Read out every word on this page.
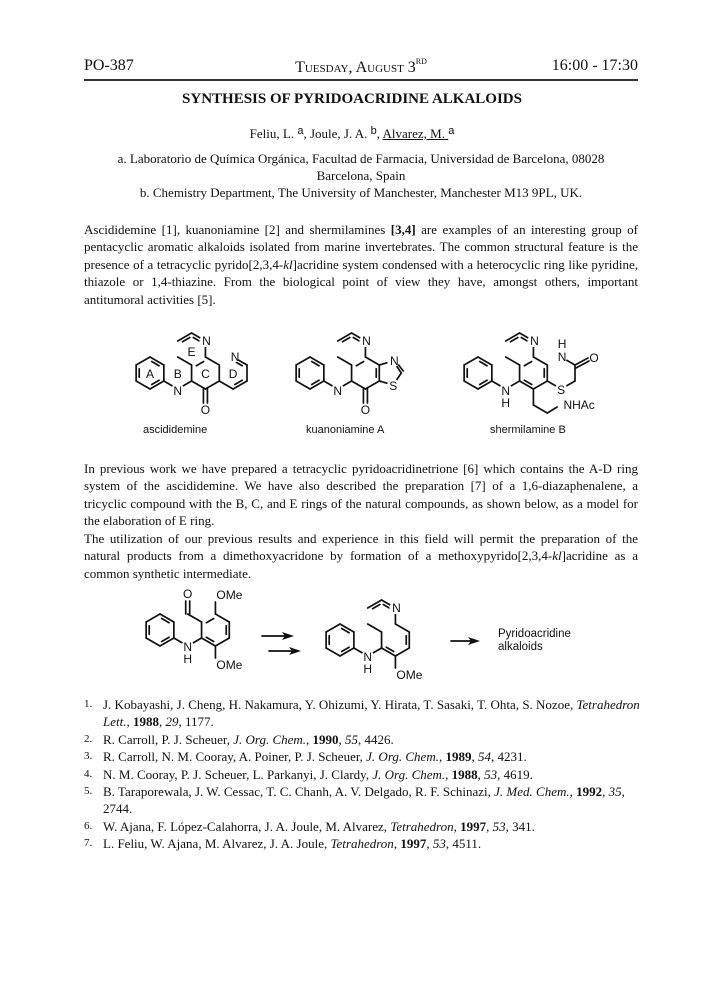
PO-387	Tuesday, August 3RD	16:00 - 17:30
SYNTHESIS OF PYRIDOACRIDINE ALKALOIDS
Feliu, L. $^a$, Joule, J. A. $^b$, Alvarez, M. $^a$
a. Laboratorio de Química Orgánica, Facultad de Farmacia, Universidad de Barcelona, 08028
Barcelona, Spain
b. Chemistry Department, The University of Manchester, Manchester M13 9PL, UK.
Ascididemine [1], kuanoniamine [2] and shermilamines [3,4] are examples of an interesting group of pentacyclic aromatic alkaloids isolated from marine invertebrates. The common structural feature is the presence of a tetracyclic pyrido[2,3,4-kl]acridine system condensed with a heterocyclic ring like pyridine, thiazole or 1,4-thiazine. From the biological point of view they have, amongst others, important antitumoral activities [5].
N
N
N
O
A B C D
E
N
N
O
N
S
N
N
H
N
H
S
O
NHAc
N
H
O OMe
OMe
N
N
H OMe
ascididemine	kuanoniamine A	shermilamine B
In previous work we have prepared a tetracyclic pyridoacridinetrione [6] which contains the A-D ring system of the ascididemine. We have also described the preparation [7] of a 1,6-diazaphenalene, a tricyclic compound with the B, C, and E rings of the natural compounds, as shown below, as a model for the elaboration of E ring.
The utilization of our previous results and experience in this field will permit the preparation of the natural products from a dimethoxyacridone by formation of a methoxypyrido[2,3,4-kl]acridine as a common synthetic intermediate.
Pyridoacridine
alkaloids
1. J. Kobayashi, J. Cheng, H. Nakamura, Y. Ohizumi, Y. Hirata, T. Sasaki, T. Ohta, S. Nozoe, Tetrahedron Lett., 1988, 29, 1177.
2. R. Carroll, P. J. Scheuer, J. Org. Chem., 1990, 55, 4426.
3. R. Carroll, N. M. Cooray, A. Poiner, P. J. Scheuer, J. Org. Chem., 1989, 54, 4231.
4. N. M. Cooray, P. J. Scheuer, L. Parkanyi, J. Clardy, J. Org. Chem., 1988, 53, 4619.
5. B. Taraporewala, J. W. Cessac, T. C. Chanh, A. V. Delgado, R. F. Schinazi, J. Med. Chem., 1992, 35, 2744.
6. W. Ajana, F. López-Calahorra, J. A. Joule, M. Alvarez, Tetrahedron, 1997, 53, 341.
7. L. Feliu, W. Ajana, M. Alvarez, J. A. Joule, Tetrahedron, 1997, 53, 4511.
